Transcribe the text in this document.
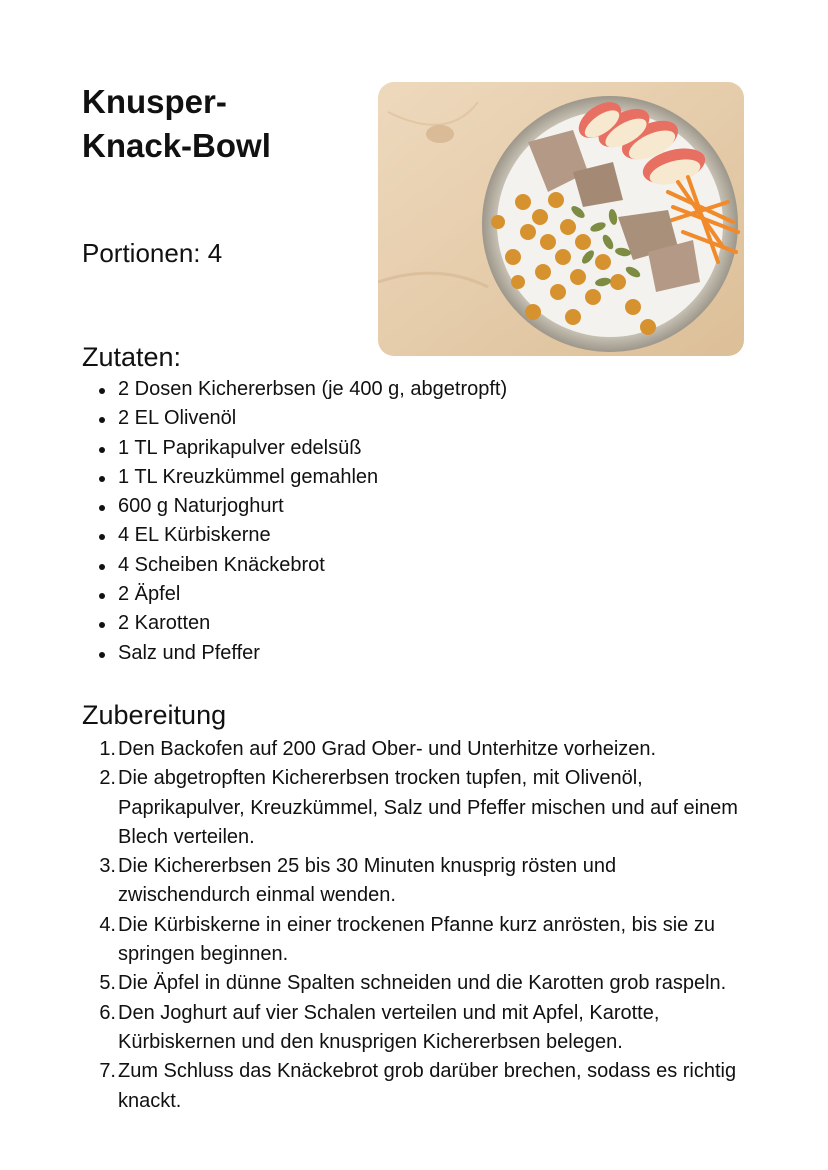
Knusper-
Knack-Bowl

Portionen: 4

Zutaten:
2 Dosen Kichererbsen (je 400 g, abgetropft)
2 EL Olivenöl
1 TL Paprikapulver edelsüß
1 TL Kreuzkümmel gemahlen
600 g Naturjoghurt
4 EL Kürbiskerne
4 Scheiben Knäckebrot
2 Äpfel
2 Karotten
Salz und Pfeffer
Zubereitung
1. Den Backofen auf 200 Grad Ober- und Unterhitze vorheizen.
2. Die abgetropften Kichererbsen trocken tupfen, mit Olivenöl, Paprikapulver, Kreuzkümmel, Salz und Pfeffer mischen und auf einem Blech verteilen.
3. Die Kichererbsen 25 bis 30 Minuten knusprig rösten und zwischendurch einmal wenden.
4. Die Kürbiskerne in einer trockenen Pfanne kurz anrösten, bis sie zu springen beginnen.
5. Die Äpfel in dünne Spalten schneiden und die Karotten grob raspeln.
6. Den Joghurt auf vier Schalen verteilen und mit Apfel, Karotte, Kürbiskernen und den knusprigen Kichererbsen belegen.
7. Zum Schluss das Knäckebrot grob darüber brechen, sodass es richtig knackt.
